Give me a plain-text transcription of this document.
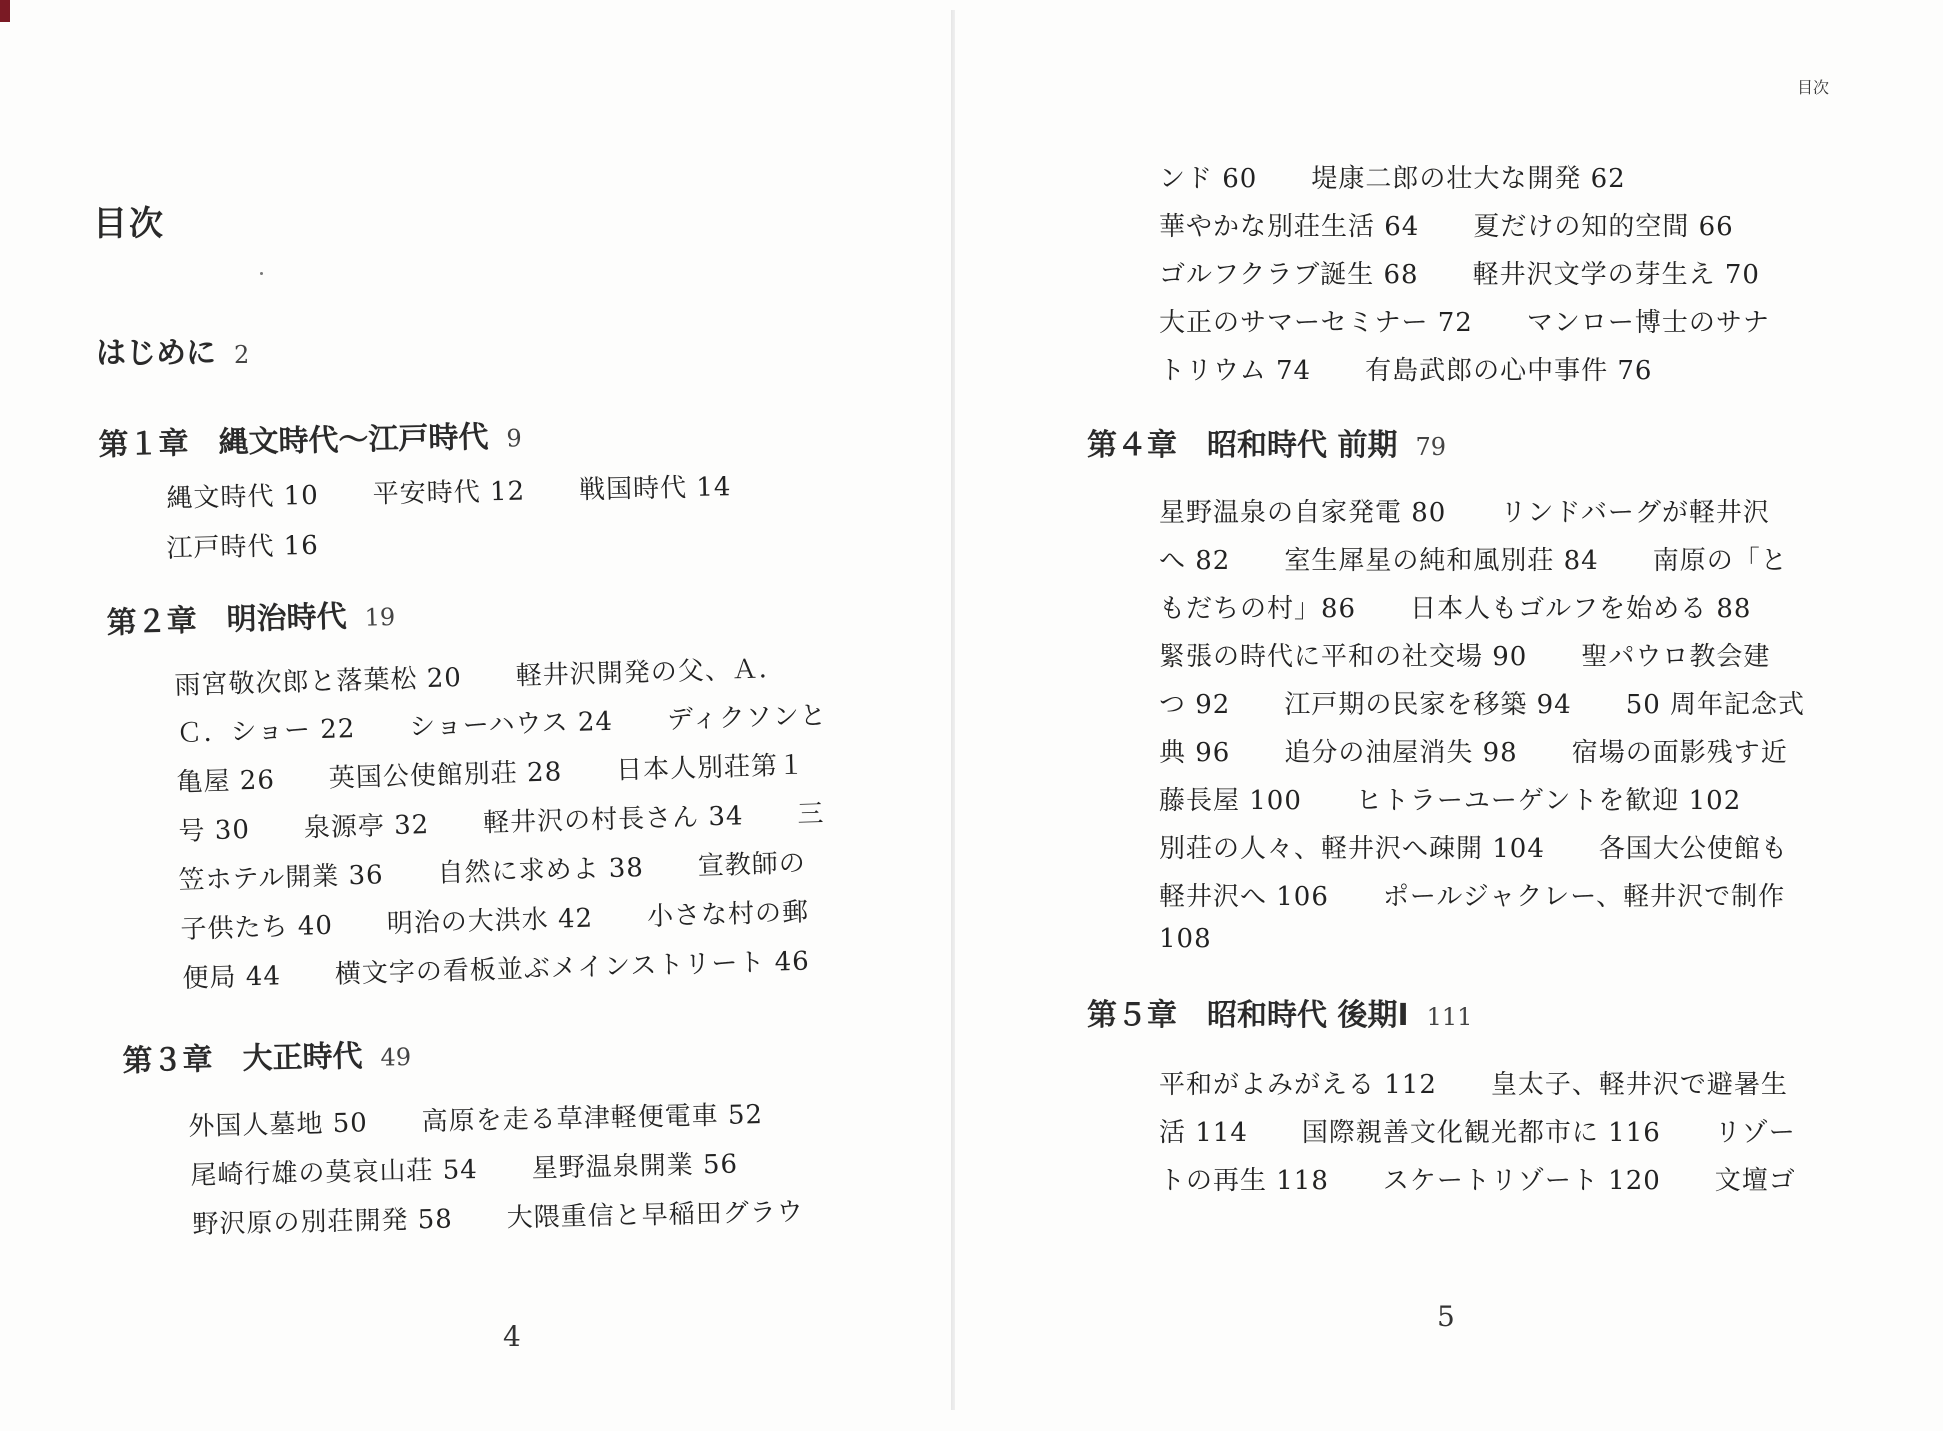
目次
はじめに 2
第１章　縄文時代～江戸時代 9
縄文時代 10　　平安時代 12　　戦国時代 14
江戸時代 16
第２章　明治時代 19
雨宮敬次郎と落葉松 20　　軽井沢開発の父、Ａ．
Ｃ．ショー 22　　ショーハウス 24　　ディクソンと
亀屋 26　　英国公使館別荘 28　　日本人別荘第１
号 30　　泉源亭 32　　軽井沢の村長さん 34　　三
笠ホテル開業 36　　自然に求めよ 38　　宣教師の
子供たち 40　　明治の大洪水 42　　小さな村の郵
便局 44　　横文字の看板並ぶメインストリート 46
第３章　大正時代 49
外国人墓地 50　　高原を走る草津軽便電車 52
尾崎行雄の莫哀山荘 54　　星野温泉開業 56
野沢原の別荘開発 58　　大隈重信と早稲田グラウ
4
目次
ンド 60　　堤康二郎の壮大な開発 62
華やかな別荘生活 64　　夏だけの知的空間 66
ゴルフクラブ誕生 68　　軽井沢文学の芽生え 70
大正のサマーセミナー 72　　マンロー博士のサナ
トリウム 74　　有島武郎の心中事件 76
第４章　昭和時代 前期 79
星野温泉の自家発電 80　　リンドバーグが軽井沢
へ 82　　室生犀星の純和風別荘 84　　南原の「と
もだちの村」86　　日本人もゴルフを始める 88
緊張の時代に平和の社交場 90　　聖パウロ教会建
つ 92　　江戸期の民家を移築 94　　50 周年記念式
典 96　　追分の油屋消失 98　　宿場の面影残す近
藤長屋 100　　ヒトラーユーゲントを歓迎 102
別荘の人々、軽井沢へ疎開 104　　各国大公使館も
軽井沢へ 106　　ポールジャクレー、軽井沢で制作
108
第５章　昭和時代 後期Ⅰ 111
平和がよみがえる 112　　皇太子、軽井沢で避暑生
活 114　　国際親善文化観光都市に 116　　リゾー
トの再生 118　　スケートリゾート 120　　文壇ゴ
5
